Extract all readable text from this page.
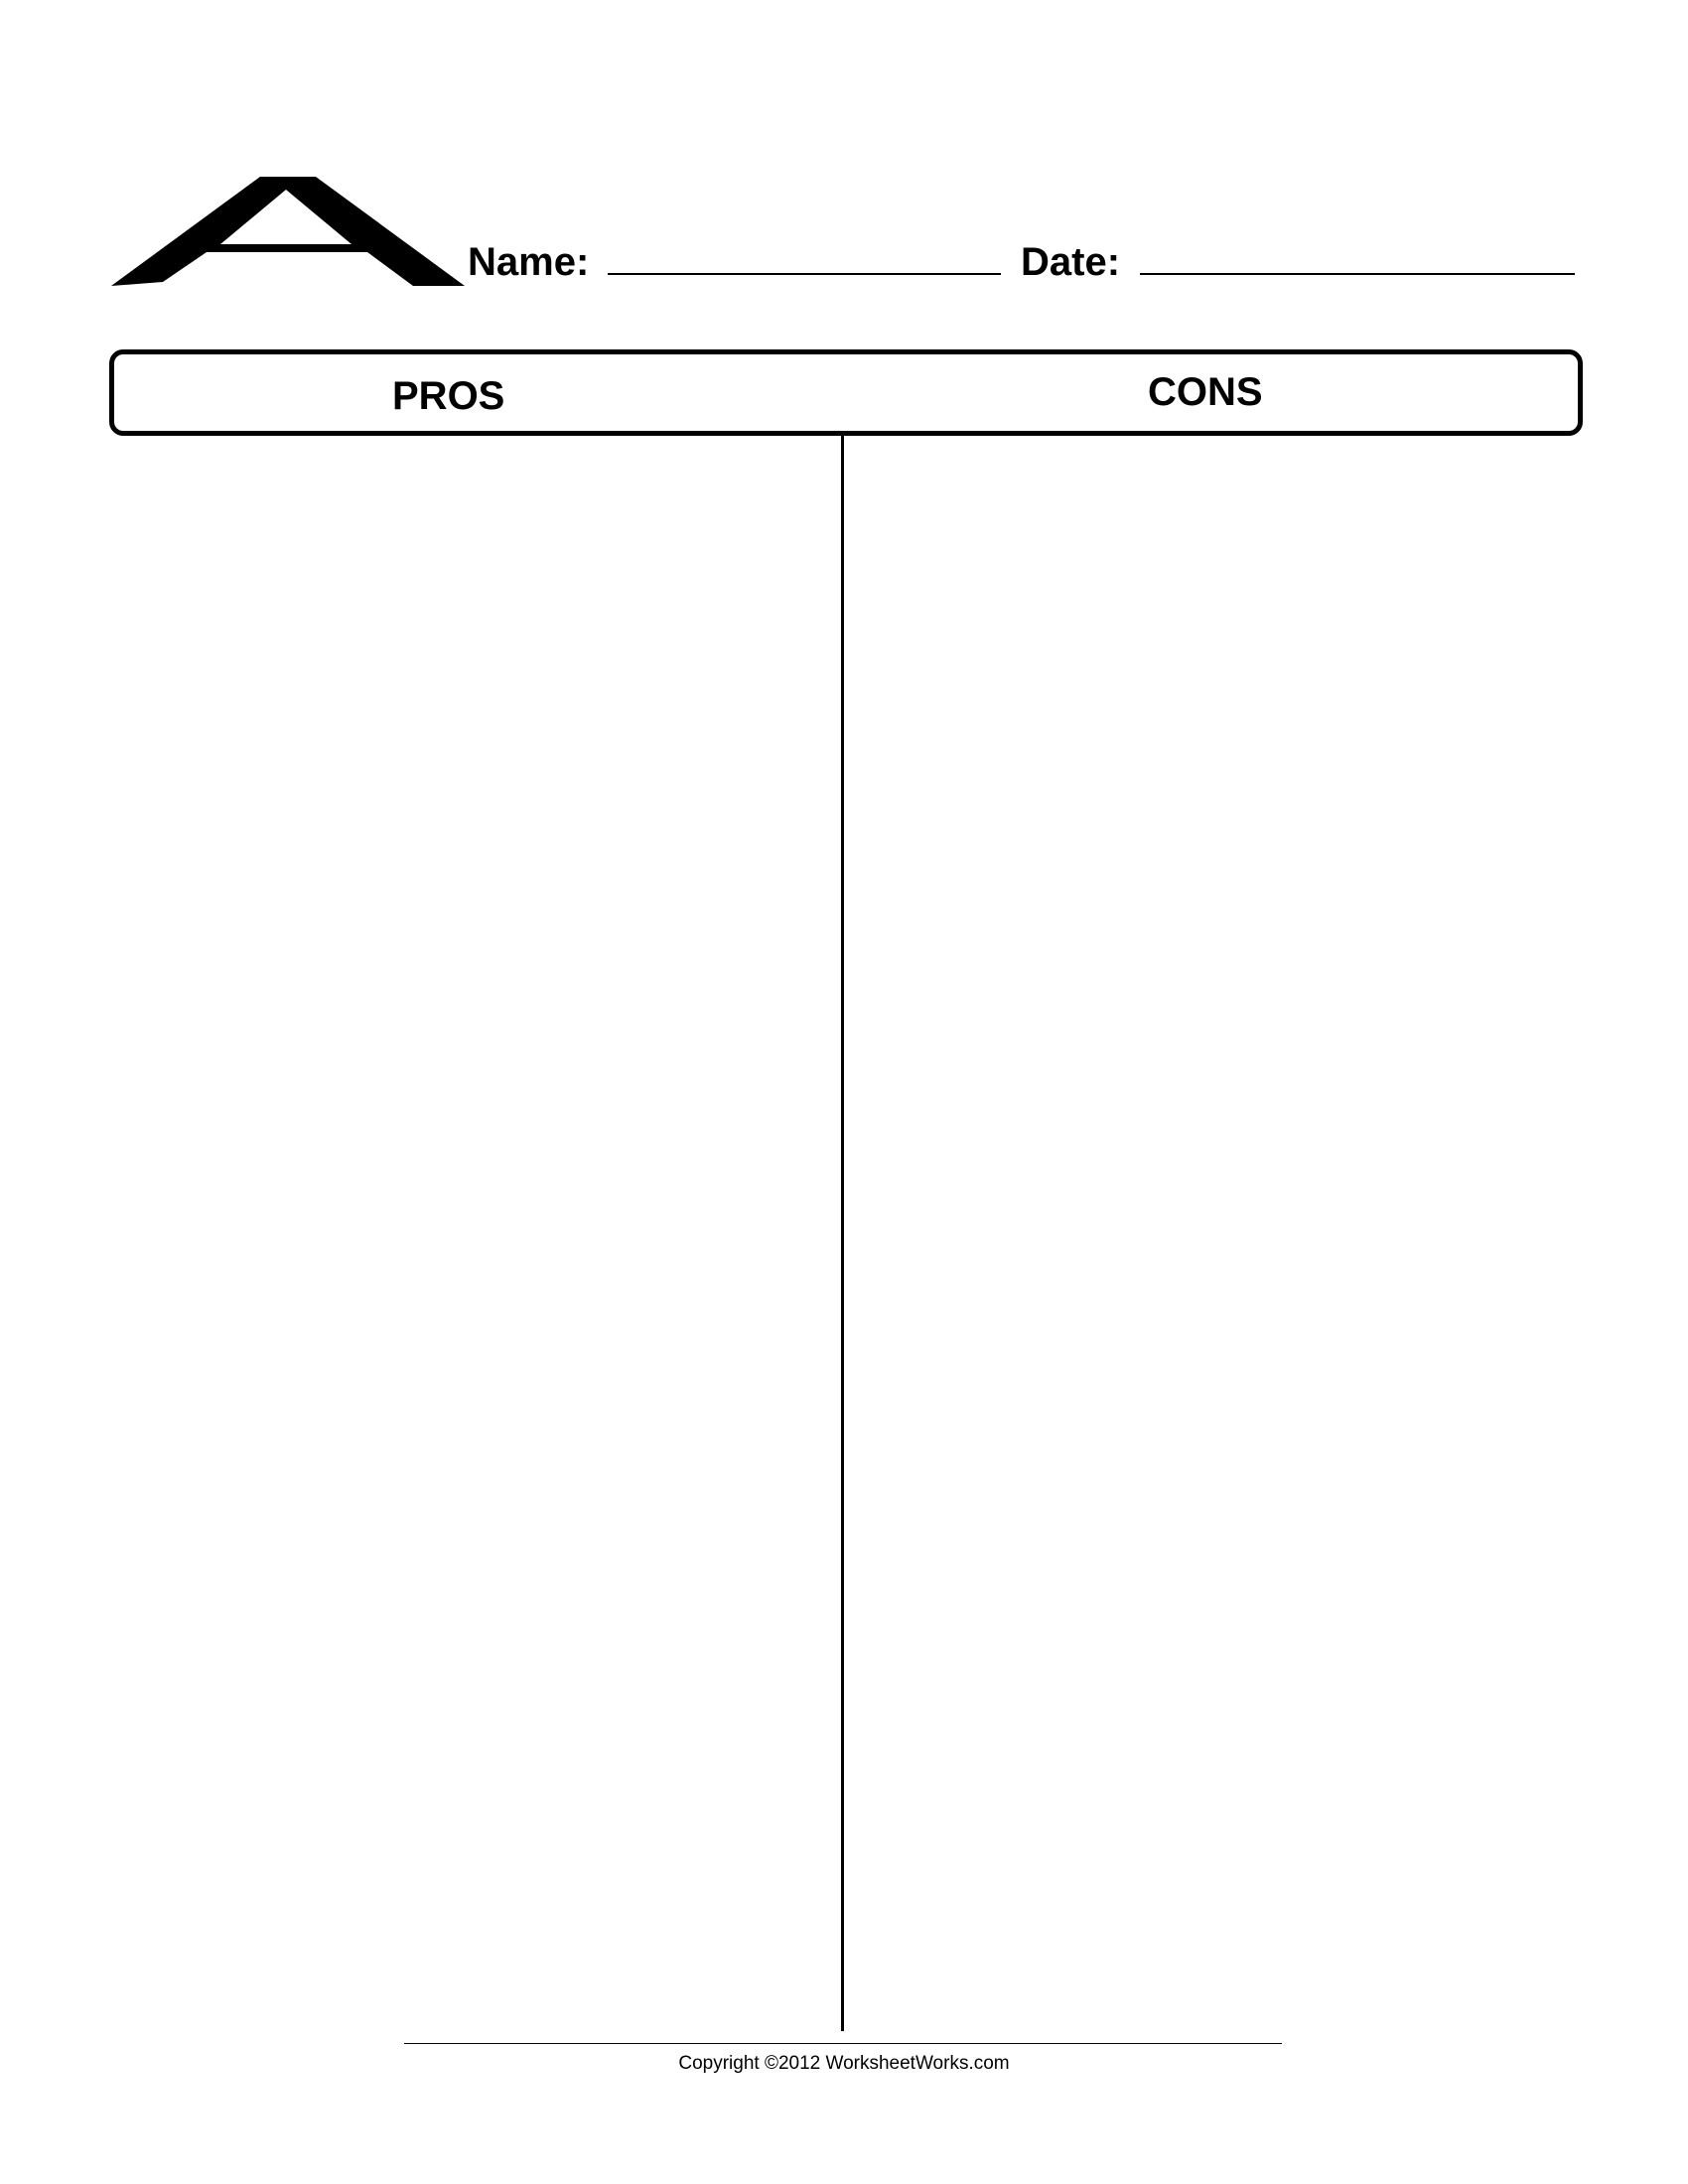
Name:	Date:
PROS	CONS
Copyright ©2012 WorksheetWorks.com
